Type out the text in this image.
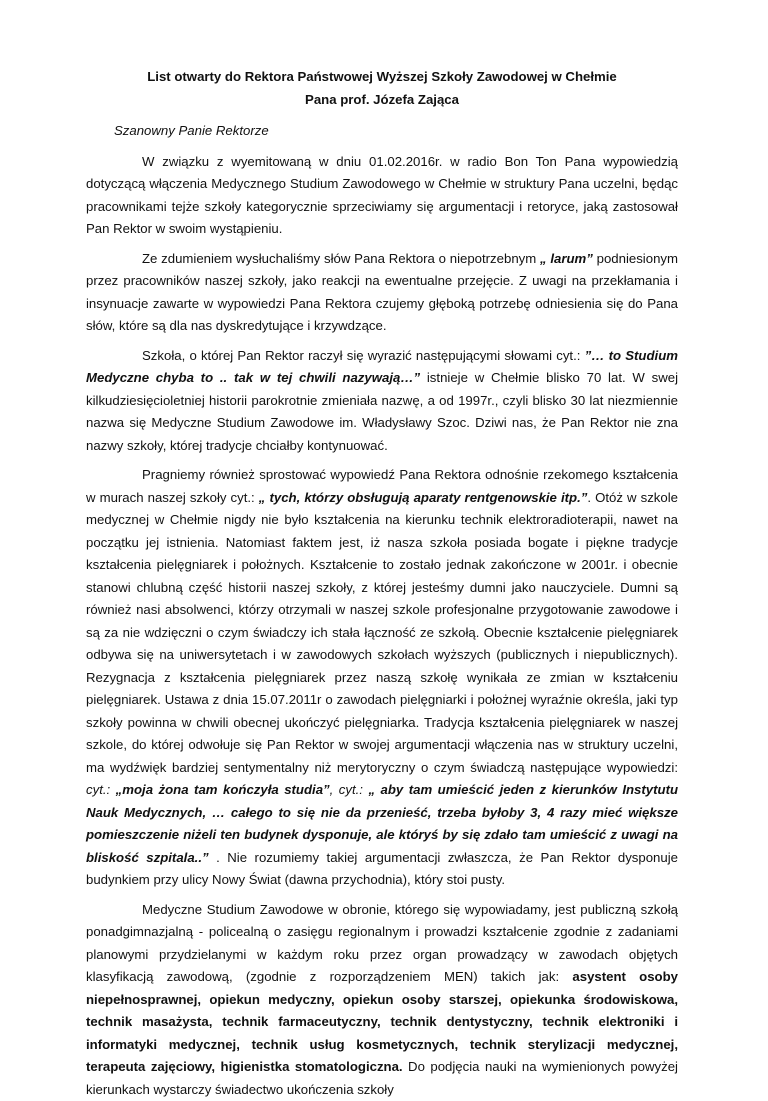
List otwarty do Rektora Państwowej Wyższej Szkoły Zawodowej w Chełmie

Pana prof. Józefa Zająca

Szanowny Panie Rektorze

W związku z wyemitowaną w dniu 01.02.2016r. w radio Bon Ton Pana wypowiedzią dotyczącą włączenia Medycznego Studium Zawodowego w Chełmie w struktury Pana uczelni, będąc pracownikami tejże szkoły kategorycznie sprzeciwiamy się argumentacji i retoryce, jaką zastosował Pan Rektor w swoim wystąpieniu.

Ze zdumieniem wysłuchaliśmy słów Pana Rektora o niepotrzebnym „ larum” podniesionym przez pracowników naszej szkoły, jako reakcji na ewentualne przejęcie. Z uwagi na przekłamania i insynuacje zawarte w wypowiedzi Pana Rektora czujemy głęboką potrzebę odniesienia się do Pana słów, które są dla nas dyskredytujące i krzywdzące.

Szkoła, o której Pan Rektor raczył się wyrazić następującymi słowami cyt.: ”… to Studium Medyczne chyba to .. tak w tej chwili nazywają…” istnieje w Chełmie blisko 70 lat. W swej kilkudziesięcioletniej historii parokrotnie zmieniała nazwę, a od 1997r., czyli blisko 30 lat niezmiennie nazwa się Medyczne Studium Zawodowe im. Władysławy Szoc. Dziwi nas, że Pan Rektor nie zna nazwy szkoły, której tradycje chciałby kontynuować.

Pragniemy również sprostować wypowiedź Pana Rektora odnośnie rzekomego kształcenia w murach naszej szkoły cyt.: „ tych, którzy obsługują aparaty rentgenowskie itp.”. Otóż w szkole medycznej w Chełmie nigdy nie było kształcenia na kierunku technik elektroradioterapii, nawet na początku jej istnienia. Natomiast faktem jest, iż nasza szkoła posiada bogate i piękne tradycje kształcenia pielęgniarek i położnych. Kształcenie to zostało jednak zakończone w 2001r. i obecnie stanowi chlubną część historii naszej szkoły, z której jesteśmy dumni jako nauczyciele. Dumni są również nasi absolwenci, którzy otrzymali w naszej szkole profesjonalne przygotowanie zawodowe i są za nie wdzięczni o czym świadczy ich stała łączność ze szkołą. Obecnie kształcenie pielęgniarek odbywa się na uniwersytetach i w zawodowych szkołach wyższych (publicznych i niepublicznych). Rezygnacja z kształcenia pielęgniarek przez naszą szkołę wynikała ze zmian w kształceniu pielęgniarek. Ustawa z dnia 15.07.2011r o zawodach pielęgniarki i położnej wyraźnie określa, jaki typ szkoły powinna w chwili obecnej ukończyć pielęgniarka. Tradycja kształcenia pielęgniarek w naszej szkole, do której odwołuje się Pan Rektor w swojej argumentacji włączenia nas w struktury uczelni, ma wydźwięk bardziej sentymentalny niż merytoryczny o czym świadczą następujące wypowiedzi: cyt.: „moja żona tam kończyła studia”, cyt.: „ aby tam umieścić jeden z kierunków Instytutu Nauk Medycznych, … całego to się nie da przenieść, trzeba byłoby 3, 4 razy mieć większe pomieszczenie niżeli ten budynek dysponuje, ale któryś by się zdało tam umieścić z uwagi na bliskość szpitala..” . Nie rozumiemy takiej argumentacji zwłaszcza, że Pan Rektor dysponuje budynkiem przy ulicy Nowy Świat (dawna przychodnia), który stoi pusty.

Medyczne Studium Zawodowe w obronie, którego się wypowiadamy, jest publiczną szkołą ponadgimnazjalną - policealną o zasięgu regionalnym i prowadzi kształcenie zgodnie z zadaniami planowymi przydzielanymi w każdym roku przez organ prowadzący w zawodach objętych klasyfikacją zawodową, (zgodnie z rozporządzeniem MEN) takich jak: asystent osoby niepełnosprawnej, opiekun medyczny, opiekun osoby starszej, opiekunka środowiskowa, technik masażysta, technik farmaceutyczny, technik dentystyczny, technik elektroniki i informatyki medycznej, technik usług kosmetycznych, technik sterylizacji medycznej, terapeuta zajęciowy, higienistka stomatologiczna. Do podjęcia nauki na wymienionych powyżej kierunkach wystarczy świadectwo ukończenia szkoły
